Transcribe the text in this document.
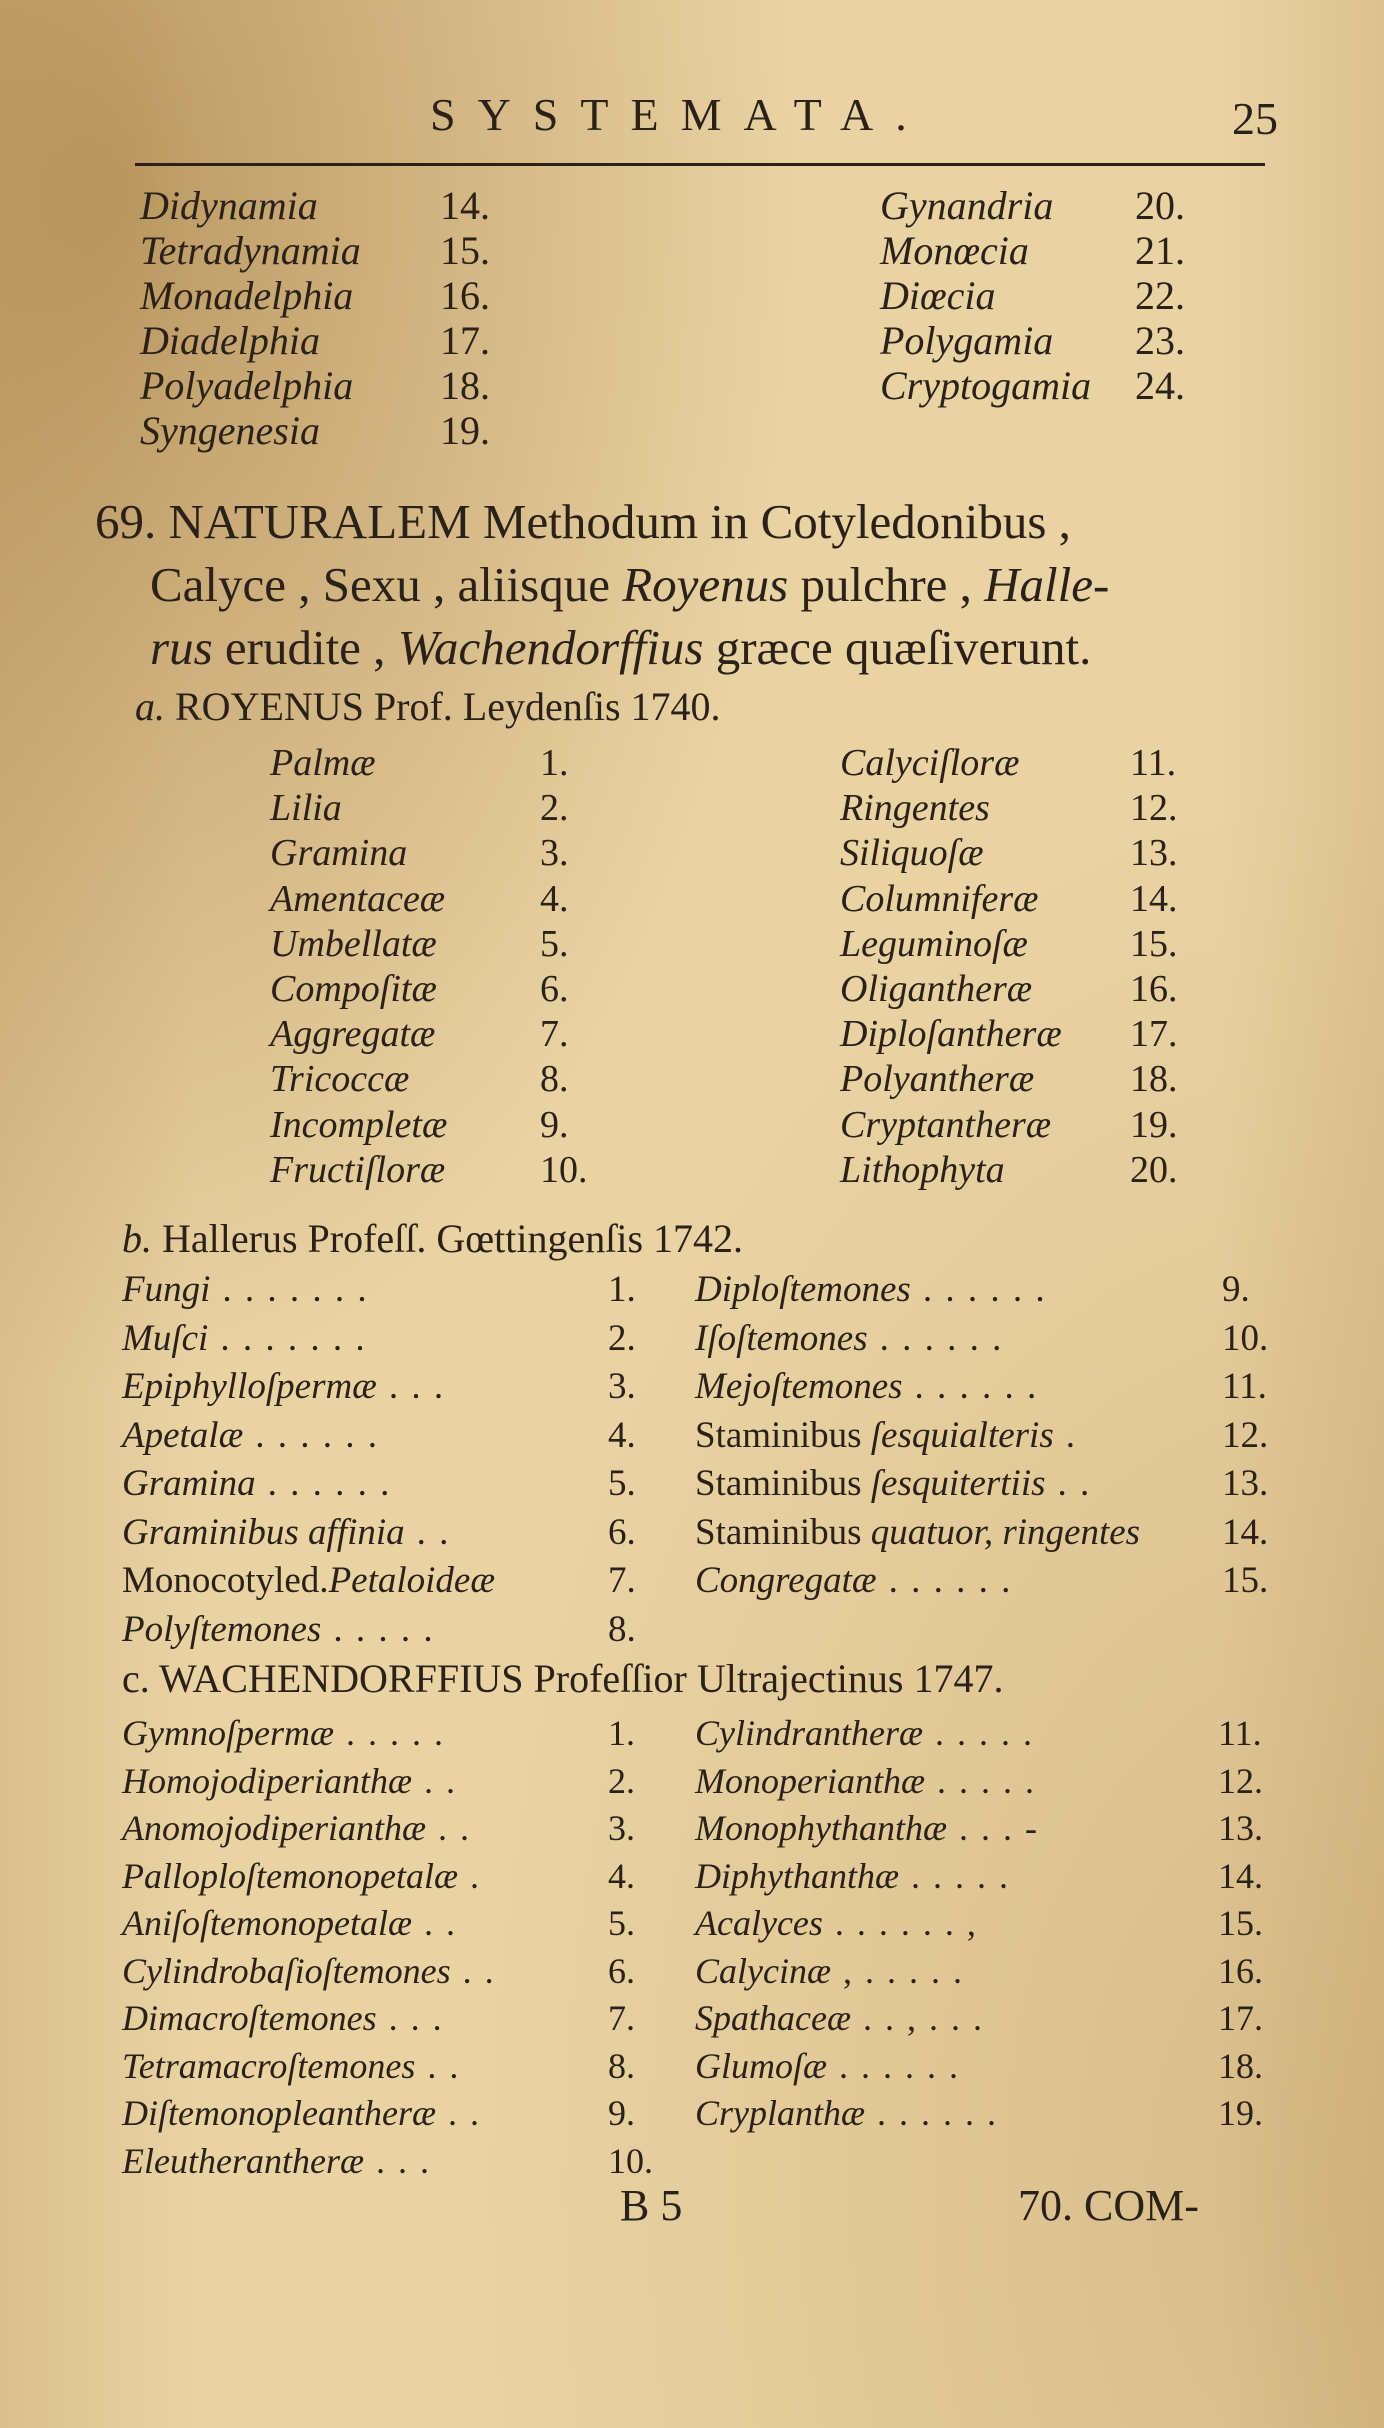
SYSTEMATA.	25
Didynamia	14.
Tetradynamia 15.
Monadelphia 16.
Diadelphia	17.
Polyadelphia 18.
Syngenesia	19.
Gynandria 20.
Monœcia	21.
Diœcia	22.
Polygamia 23.
Cryptogamia 24.
69. NATURALEM Methodum in Cotyledonibus ,
Calyce , Sexu , aliisque Royenus pulchre , Halle-
rus erudite , Wachendorffius græce quæſiverunt.
a. ROYENUS Prof. Leydenſis 1740.
Palmæ	1.
Lilia	2.
Gramina	3.
Amentaceæ 4.
Umbellatæ	5.
Compoſitæ	6.
Aggregatæ	7.
Tricoccæ	8.
Incompletæ 9.
Fructiſloræ 10.
Calyciſloræ	11.
Ringentes	12.
Siliquoſæ	13.
Columniferæ 14.
Leguminoſæ	15.
Oligantheræ	16.
Diploſantheræ 17.
Polyantheræ	18.
Cryptantheræ 19.
Lithophyta	20.
b. Hallerus Profeſſ. Gœttingenſis 1742.
Fungi . . . . . . .	1.
Muſci . . . . . . .	2.
Epiphylloſpermæ . . .	3.
Apetalæ . . . . . .	4.
Gramina . . . . . .	5.
Graminibus affinia . .	6.
Monocotyled.Petaloideæ	7.
Polyſtemones . . . . .	8.
Diploſtemones . . . . . .	9.
Iſoſtemones . . . . . .	10.
Mejoſtemones . . . . . .	11.
Staminibus ſesquialteris .	12.
Staminibus ſesquitertiis . .	13.
Staminibus quatuor, ringentes	14.
Congregatæ . . . . . .	15.
c. WACHENDORFFIUS Profeſſior Ultrajectinus 1747.
Gymnoſpermæ . . . . .	1.
Homojodiperianthæ . .	2.
Anomojodiperianthæ . .	3.
Palloploſtemonopetalæ .	4.
Aniſoſtemonopetalæ . .	5.
Cylindrobaſioſtemones . .	6.
Dimacroſtemones . . .	7.
Tetramacroſtemones . .	8.
Diſtemonopleantheræ . .	9.
Eleutherantheræ . . .	10.
Cylindrantheræ . . . . .	11.
Monoperianthæ . . . . .	12.
Monophythanthæ . . . -	13.
Diphythanthæ . . . . .	14.
Acalyces . . . . . . ,	15.
Calycinæ , . . . . .	16.
Spathaceæ . . , . . .	17.
Glumoſæ . . . . . .	18.
Cryplanthæ . . . . . .	19.
B 5	70. COM-
